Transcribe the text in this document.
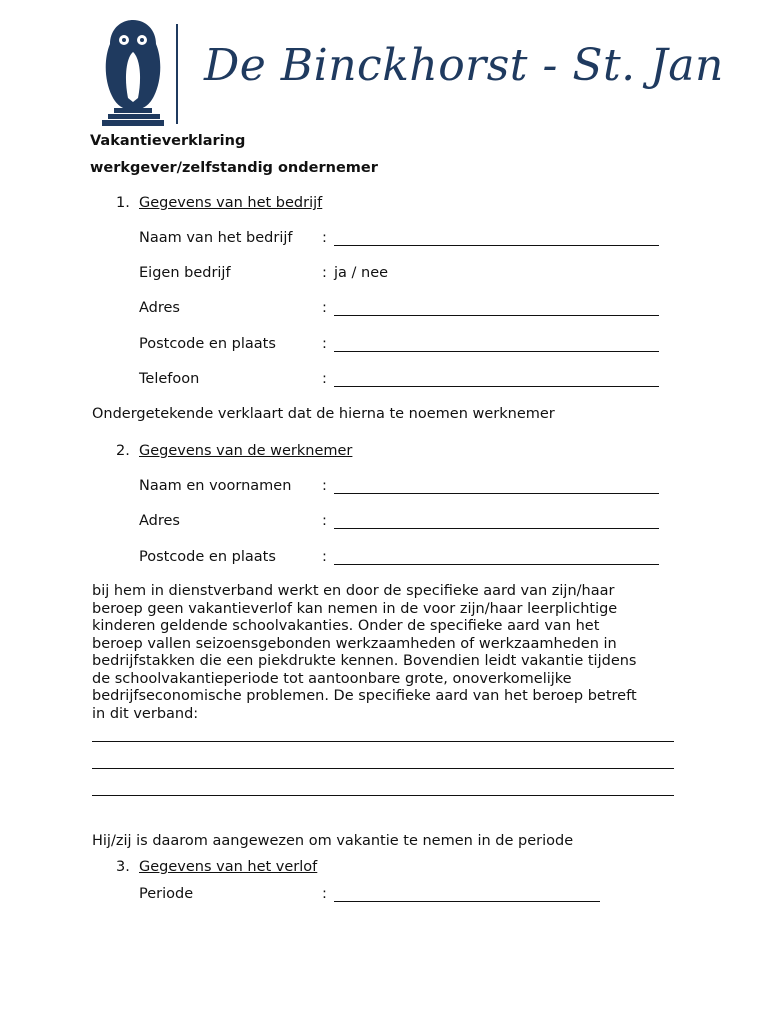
De Binckhorst - St. Jan
Vakantieverklaring
werkgever/zelfstandig ondernemer
1. Gegevens van het bedrijf
Naam van het bedrijf :
Eigen bedrijf	: ja / nee
Adres	:
Postcode en plaats	:
Telefoon	:
Ondergetekende verklaart dat de hierna te noemen werknemer
2. Gegevens van de werknemer
Naam en voornamen :
Adres	:
Postcode en plaats	:
bij hem in dienstverband werkt en door de specifieke aard van zijn/haar
beroep geen vakantieverlof kan nemen in de voor zijn/haar leerplichtige
kinderen geldende schoolvakanties. Onder de specifieke aard van het
beroep vallen seizoensgebonden werkzaamheden of werkzaamheden in
bedrijfstakken die een piekdrukte kennen. Bovendien leidt vakantie tijdens
de schoolvakantieperiode tot aantoonbare grote, onoverkomelijke
bedrijfseconomische problemen. De specifieke aard van het beroep betreft
in dit verband:
Hij/zij is daarom aangewezen om vakantie te nemen in de periode
3. Gegevens van het verlof
Periode	:
